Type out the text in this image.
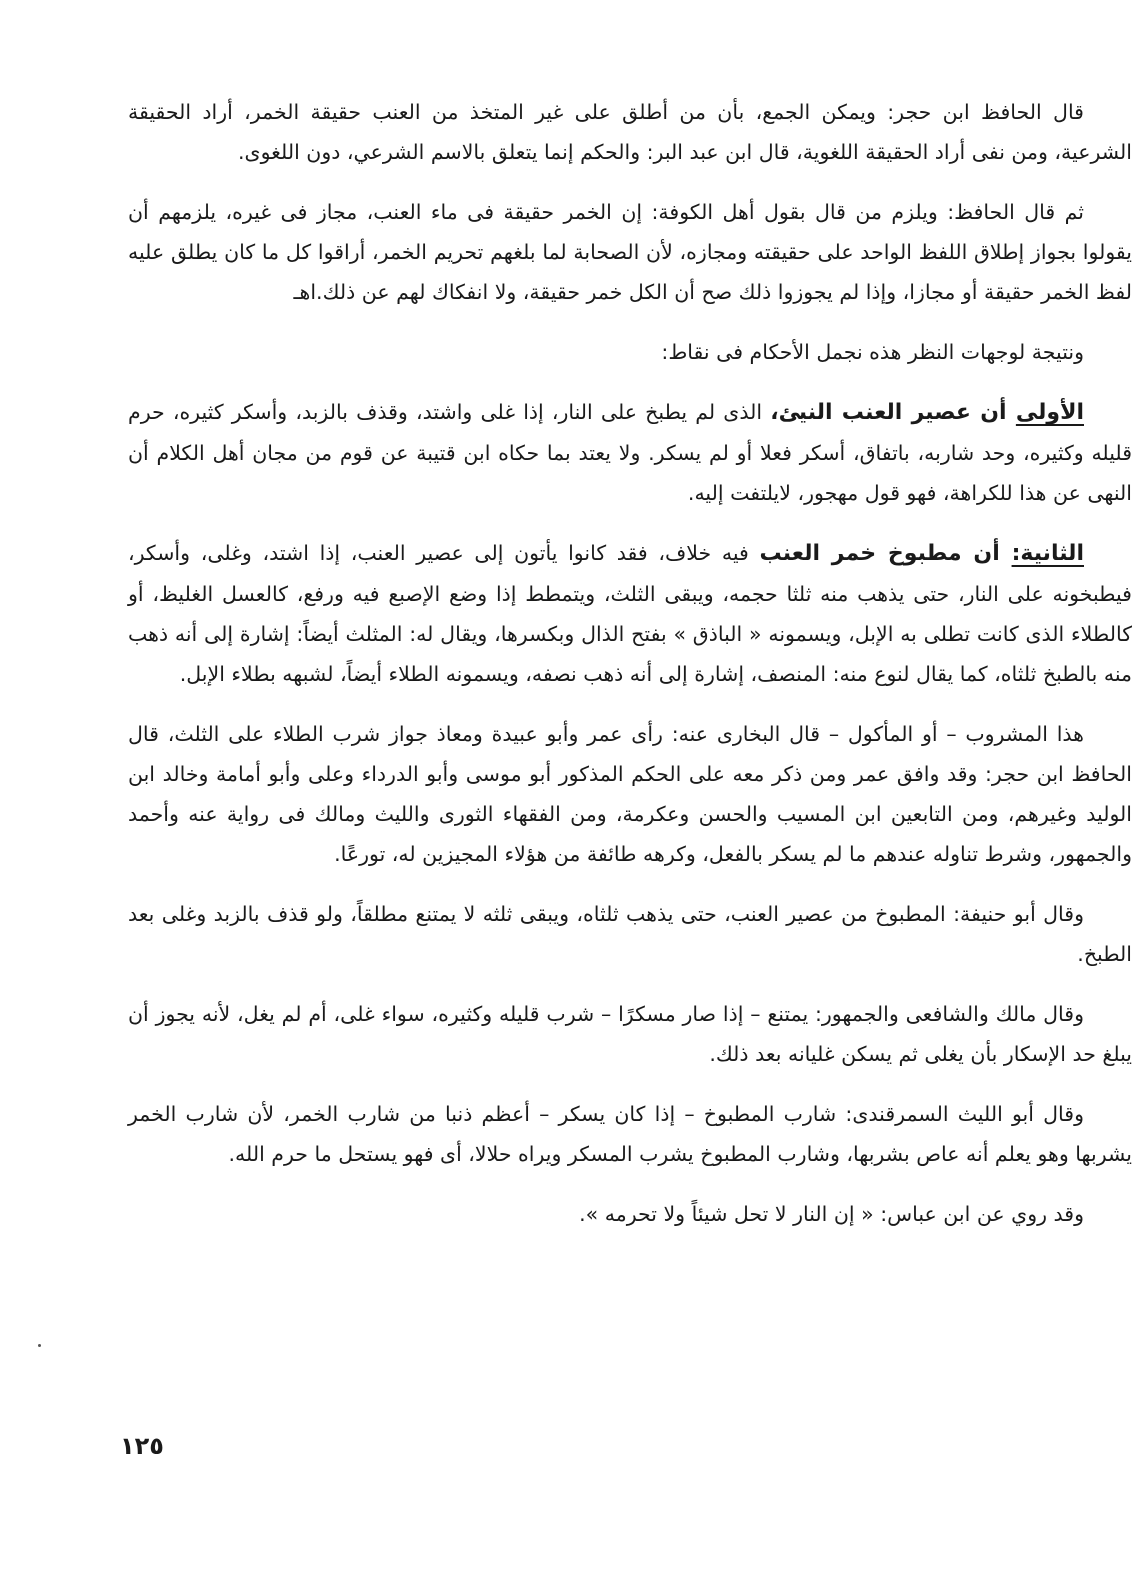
قال الحافظ ابن حجر: ويمكن الجمع، بأن من أطلق على غير المتخذ من العنب حقيقة الخمر، أراد الحقيقة الشرعية، ومن نفى أراد الحقيقة اللغوية، قال ابن عبد البر: والحكم إنما يتعلق بالاسم الشرعي، دون اللغوى.

ثم قال الحافظ: ويلزم من قال بقول أهل الكوفة: إن الخمر حقيقة فى ماء العنب، مجاز فى غيره، يلزمهم أن يقولوا بجواز إطلاق اللفظ الواحد على حقيقته ومجازه، لأن الصحابة لما بلغهم تحريم الخمر، أراقوا كل ما كان يطلق عليه لفظ الخمر حقيقة أو مجازا، وإذا لم يجوزوا ذلك صح أن الكل خمر حقيقة، ولا انفكاك لهم عن ذلك.اهـ

ونتيجة لوجهات النظر هذه نجمل الأحكام فى نقاط:

الأولى أن عصير العنب النيئ، الذى لم يطبخ على النار، إذا غلى واشتد، وقذف بالزبد، وأسكر كثيره، حرم قليله وكثيره، وحد شاربه، باتفاق، أسكر فعلا أو لم يسكر. ولا يعتد بما حكاه ابن قتيبة عن قوم من مجان أهل الكلام أن النهى عن هذا للكراهة، فهو قول مهجور، لايلتفت إليه.

الثانية: أن مطبوخ خمر العنب فيه خلاف، فقد كانوا يأتون إلى عصير العنب، إذا اشتد، وغلى، وأسكر، فيطبخونه على النار، حتى يذهب منه ثلثا حجمه، ويبقى الثلث، ويتمطط إذا وضع الإصبع فيه ورفع، كالعسل الغليظ، أو كالطلاء الذى كانت تطلى به الإبل، ويسمونه « الباذق » بفتح الذال وبكسرها، ويقال له: المثلث أيضاً: إشارة إلى أنه ذهب منه بالطبخ ثلثاه، كما يقال لنوع منه: المنصف، إشارة إلى أنه ذهب نصفه، ويسمونه الطلاء أيضاً، لشبهه بطلاء الإبل.

هذا المشروب – أو المأكول – قال البخارى عنه: رأى عمر وأبو عبيدة ومعاذ جواز شرب الطلاء على الثلث، قال الحافظ ابن حجر: وقد وافق عمر ومن ذكر معه على الحكم المذكور أبو موسى وأبو الدرداء وعلى وأبو أمامة وخالد ابن الوليد وغيرهم، ومن التابعين ابن المسيب والحسن وعكرمة، ومن الفقهاء الثورى والليث ومالك فى رواية عنه وأحمد والجمهور، وشرط تناوله عندهم ما لم يسكر بالفعل، وكرهه طائفة من هؤلاء المجيزين له، تورعًا.

وقال أبو حنيفة: المطبوخ من عصير العنب، حتى يذهب ثلثاه، ويبقى ثلثه لا يمتنع مطلقاً، ولو قذف بالزبد وغلى بعد الطبخ.

وقال مالك والشافعى والجمهور: يمتنع – إذا صار مسكرًا – شرب قليله وكثيره، سواء غلى، أم لم يغل، لأنه يجوز أن يبلغ حد الإسكار بأن يغلى ثم يسكن غليانه بعد ذلك.

وقال أبو الليث السمرقندى: شارب المطبوخ – إذا كان يسكر – أعظم ذنبا من شارب الخمر، لأن شارب الخمر يشربها وهو يعلم أنه عاص بشربها، وشارب المطبوخ يشرب المسكر ويراه حلالا، أى فهو يستحل ما حرم الله.

وقد روي عن ابن عباس: « إن النار لا تحل شيئاً ولا تحرمه ».

١٢٥
